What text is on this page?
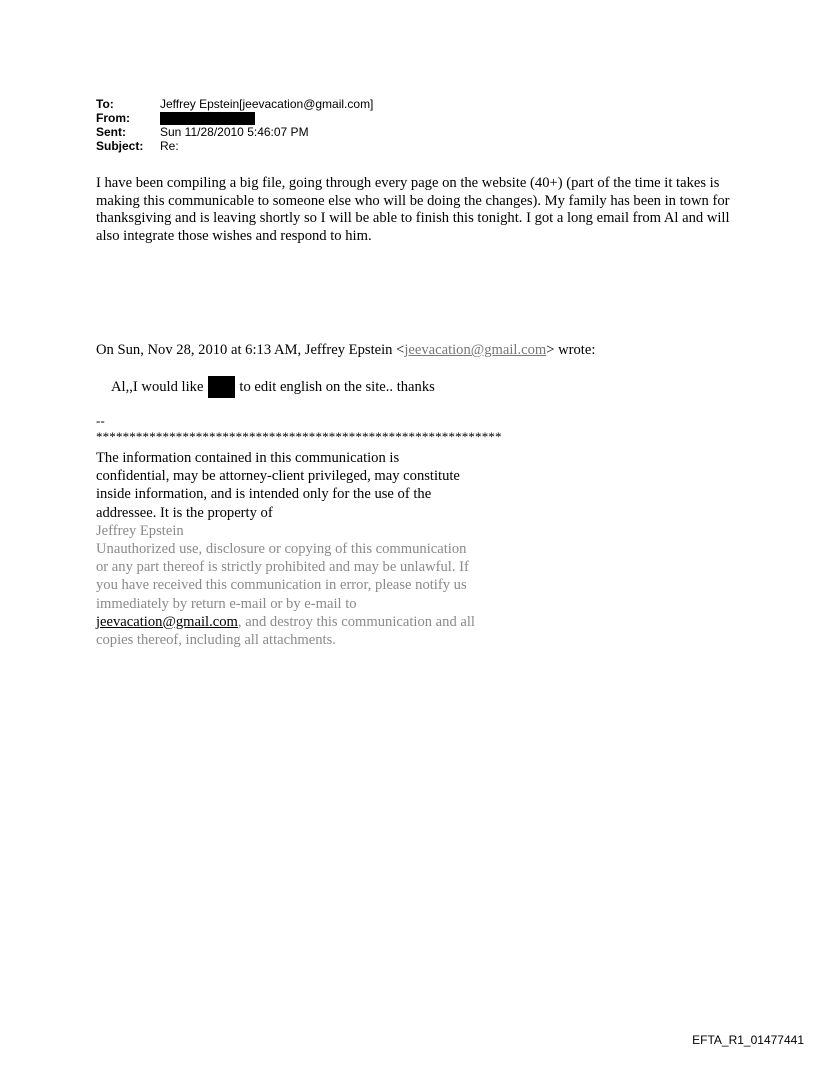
To:	Jeffrey Epstein[jeevacation@gmail.com]
From:
Sent:	Sun 11/28/2010 5:46:07 PM
Subject:	Re:

I have been compiling a big file, going through every page on the website (40+) (part of the time it takes is making this communicable to someone else who will be doing the changes). My family has been in town for thanksgiving and is leaving shortly so I will be able to finish this tonight. I got a long email from Al and will also integrate those wishes and respond to him.

On Sun, Nov 28, 2010 at 6:13 AM, Jeffrey Epstein <jeevacation@gmail.com> wrote:
Al,,I would like to edit english on the site.. thanks
--
*************************************************************

The information contained in this communication is confidential, may be attorney-client privileged, may constitute inside information, and is intended only for the use of the addressee. It is the property of

Jeffrey Epstein

Unauthorized use, disclosure or copying of this communication or any part thereof is strictly prohibited and may be unlawful. If you have received this communication in error, please notify us immediately by return e-mail or by e-mail to jeevacation@gmail.com, and destroy this communication and all copies thereof, including all attachments.

EFTA_R1_01477441
